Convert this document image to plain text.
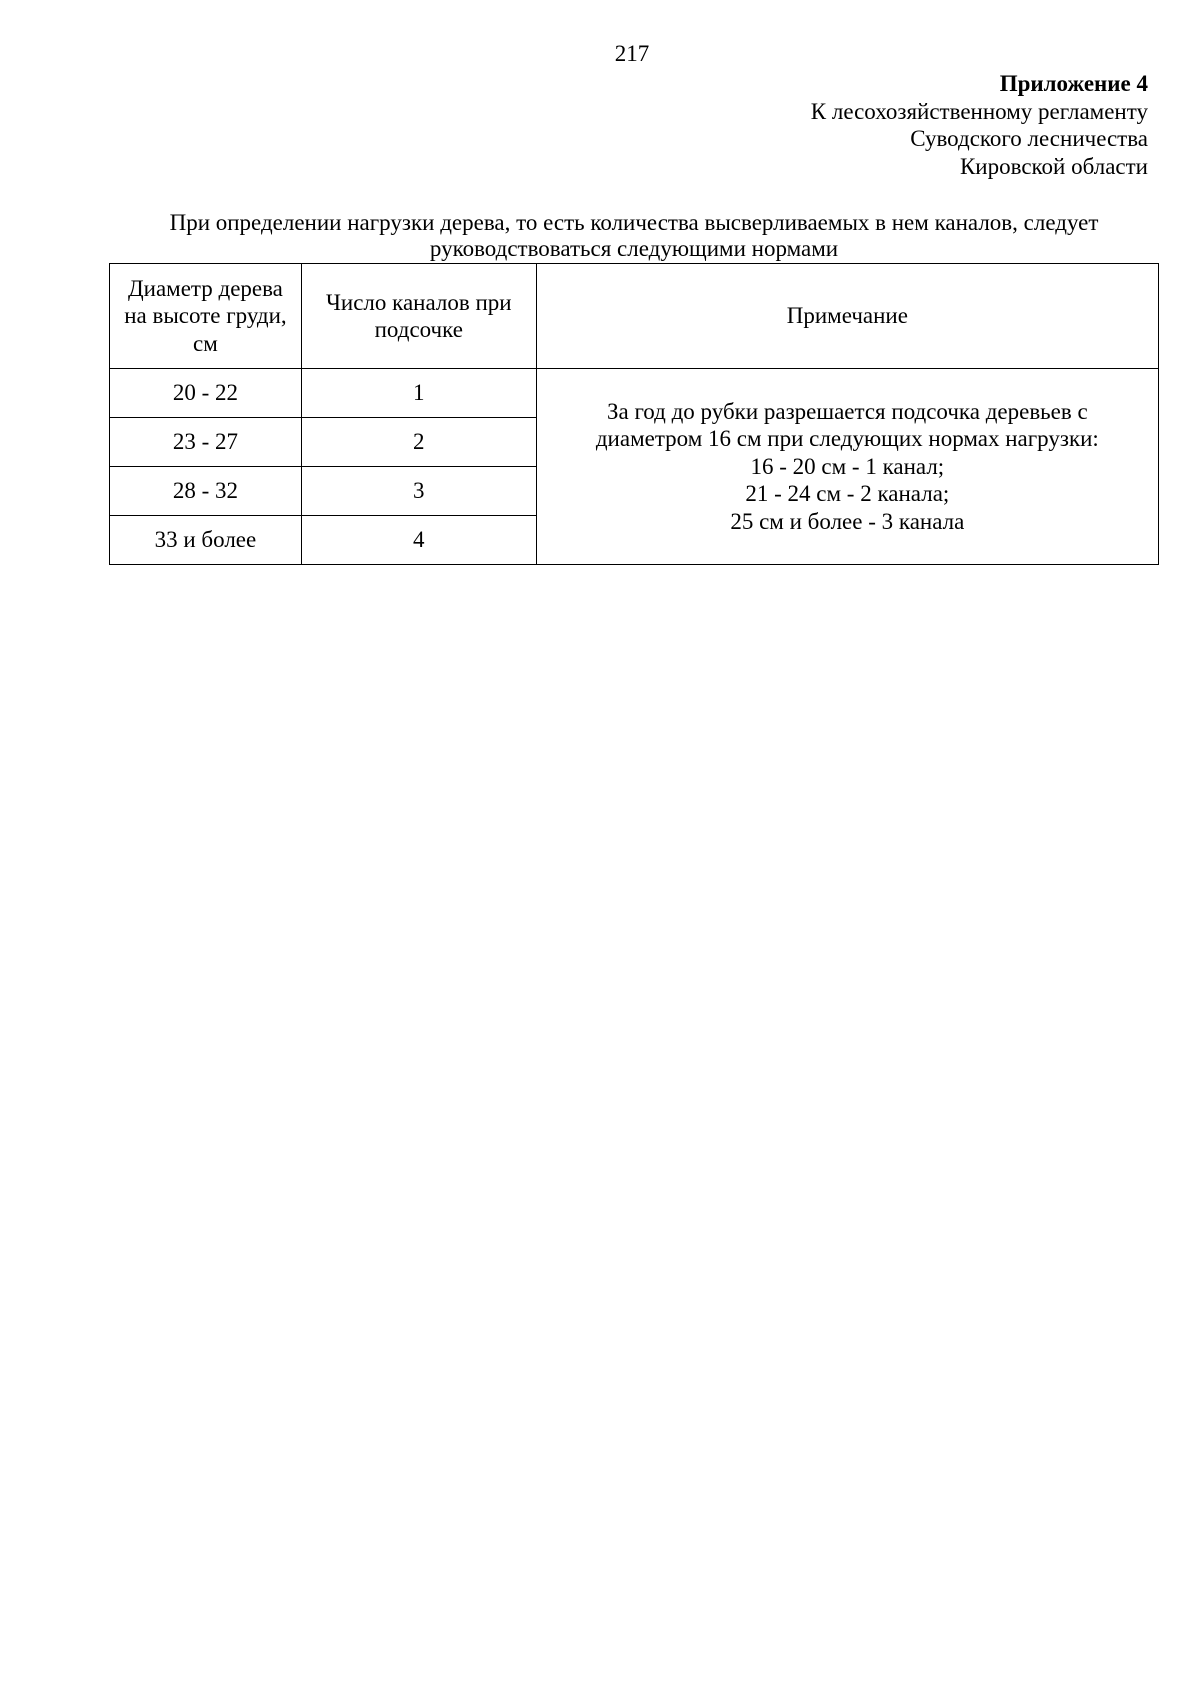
217
Приложение 4
К лесохозяйственному регламенту
Суводского лесничества
Кировской области
При определении нагрузки дерева, то есть количества высверливаемых в нем каналов, следует руководствоваться следующими нормами
Диаметр дерева на высоте груди, см	Число каналов при подсочке	Примечание
20 - 22	1	За год до рубки разрешается подсочка деревьев с
диаметром 16 см при следующих нормах нагрузки:
16 - 20 см - 1 канал;
21 - 24 см - 2 канала;
25 см и более - 3 канала

23 - 27	2	
28 - 32	3	
33 и более	4	
